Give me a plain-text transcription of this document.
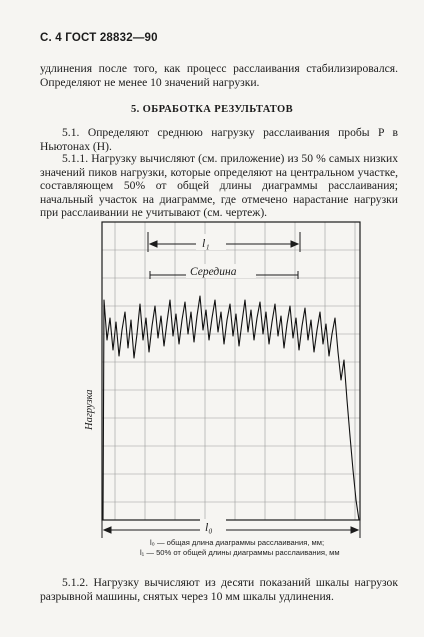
С. 4 ГОСТ 28832—90

удлинения после того, как процесс расслаивания стабилизировался. Определяют не менее 10 значений нагрузки.

5. ОБРАБОТКА РЕЗУЛЬТАТОВ

5.1. Определяют среднюю нагрузку расслаивания пробы P в Ньютонах (Н).

5.1.1. Нагрузку вычисляют (см. приложение) из 50 % самых низких значений пиков нагрузки, которые определяют на центральном участке, составляющем 50% от общей длины диаграммы расслаивания; начальный участок на диаграмме, где отмечено нарастание нагрузки при расслаивании не учитывают (см. чертеж).

l₁
Середина
Нагрузка
l₀
l₀ — общая длина диаграммы расслаивания, мм;
l₁ — 50% от общей длины диаграммы расслаивания, мм

5.1.2. Нагрузку вычисляют из десяти показаний шкалы нагрузок разрывной машины, снятых через 10 мм шкалы удлинения.
